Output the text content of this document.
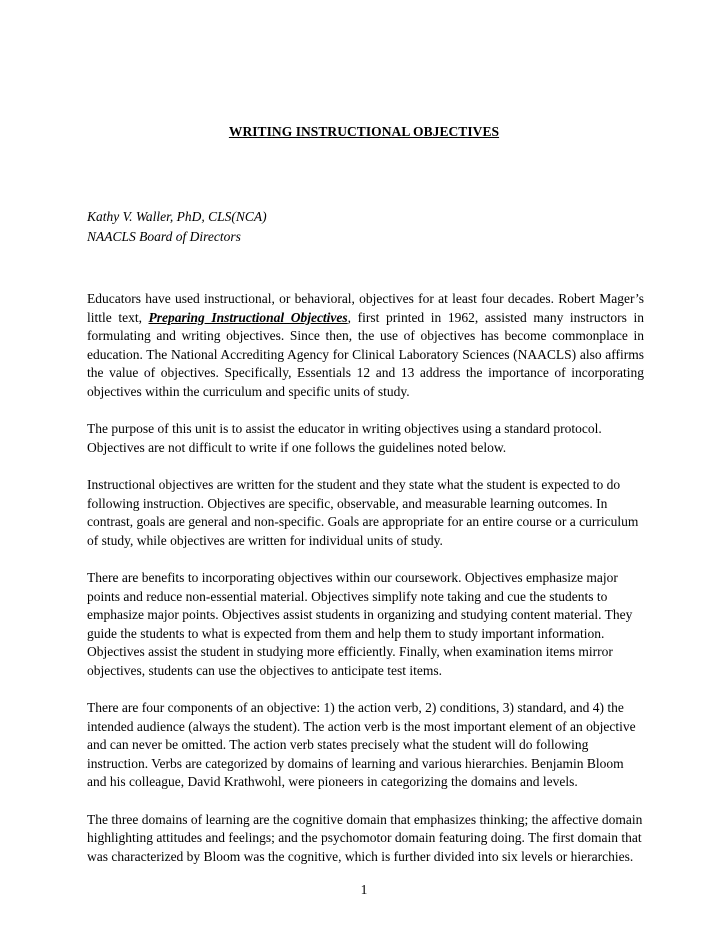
WRITING INSTRUCTIONAL OBJECTIVES
Kathy V. Waller, PhD, CLS(NCA)
NAACLS Board of Directors

Educators have used instructional, or behavioral, objectives for at least four decades. Robert Mager’s little text, Preparing Instructional Objectives, first printed in 1962, assisted many instructors in formulating and writing objectives. Since then, the use of objectives has become commonplace in education. The National Accrediting Agency for Clinical Laboratory Sciences (NAACLS) also affirms the value of objectives. Specifically, Essentials 12 and 13 address the importance of incorporating objectives within the curriculum and specific units of study.

The purpose of this unit is to assist the educator in writing objectives using a standard protocol. Objectives are not difficult to write if one follows the guidelines noted below.

Instructional objectives are written for the student and they state what the student is expected to do following instruction. Objectives are specific, observable, and measurable learning outcomes. In contrast, goals are general and non-specific. Goals are appropriate for an entire course or a curriculum of study, while objectives are written for individual units of study.

There are benefits to incorporating objectives within our coursework. Objectives emphasize major points and reduce non-essential material. Objectives simplify note taking and cue the students to emphasize major points. Objectives assist students in organizing and studying content material. They guide the students to what is expected from them and help them to study important information. Objectives assist the student in studying more efficiently. Finally, when examination items mirror objectives, students can use the objectives to anticipate test items.

There are four components of an objective: 1) the action verb, 2) conditions, 3) standard, and 4) the intended audience (always the student). The action verb is the most important element of an objective and can never be omitted. The action verb states precisely what the student will do following instruction. Verbs are categorized by domains of learning and various hierarchies. Benjamin Bloom and his colleague, David Krathwohl, were pioneers in categorizing the domains and levels.

The three domains of learning are the cognitive domain that emphasizes thinking; the affective domain highlighting attitudes and feelings; and the psychomotor domain featuring doing. The first domain that was characterized by Bloom was the cognitive, which is further divided into six levels or hierarchies.

1
